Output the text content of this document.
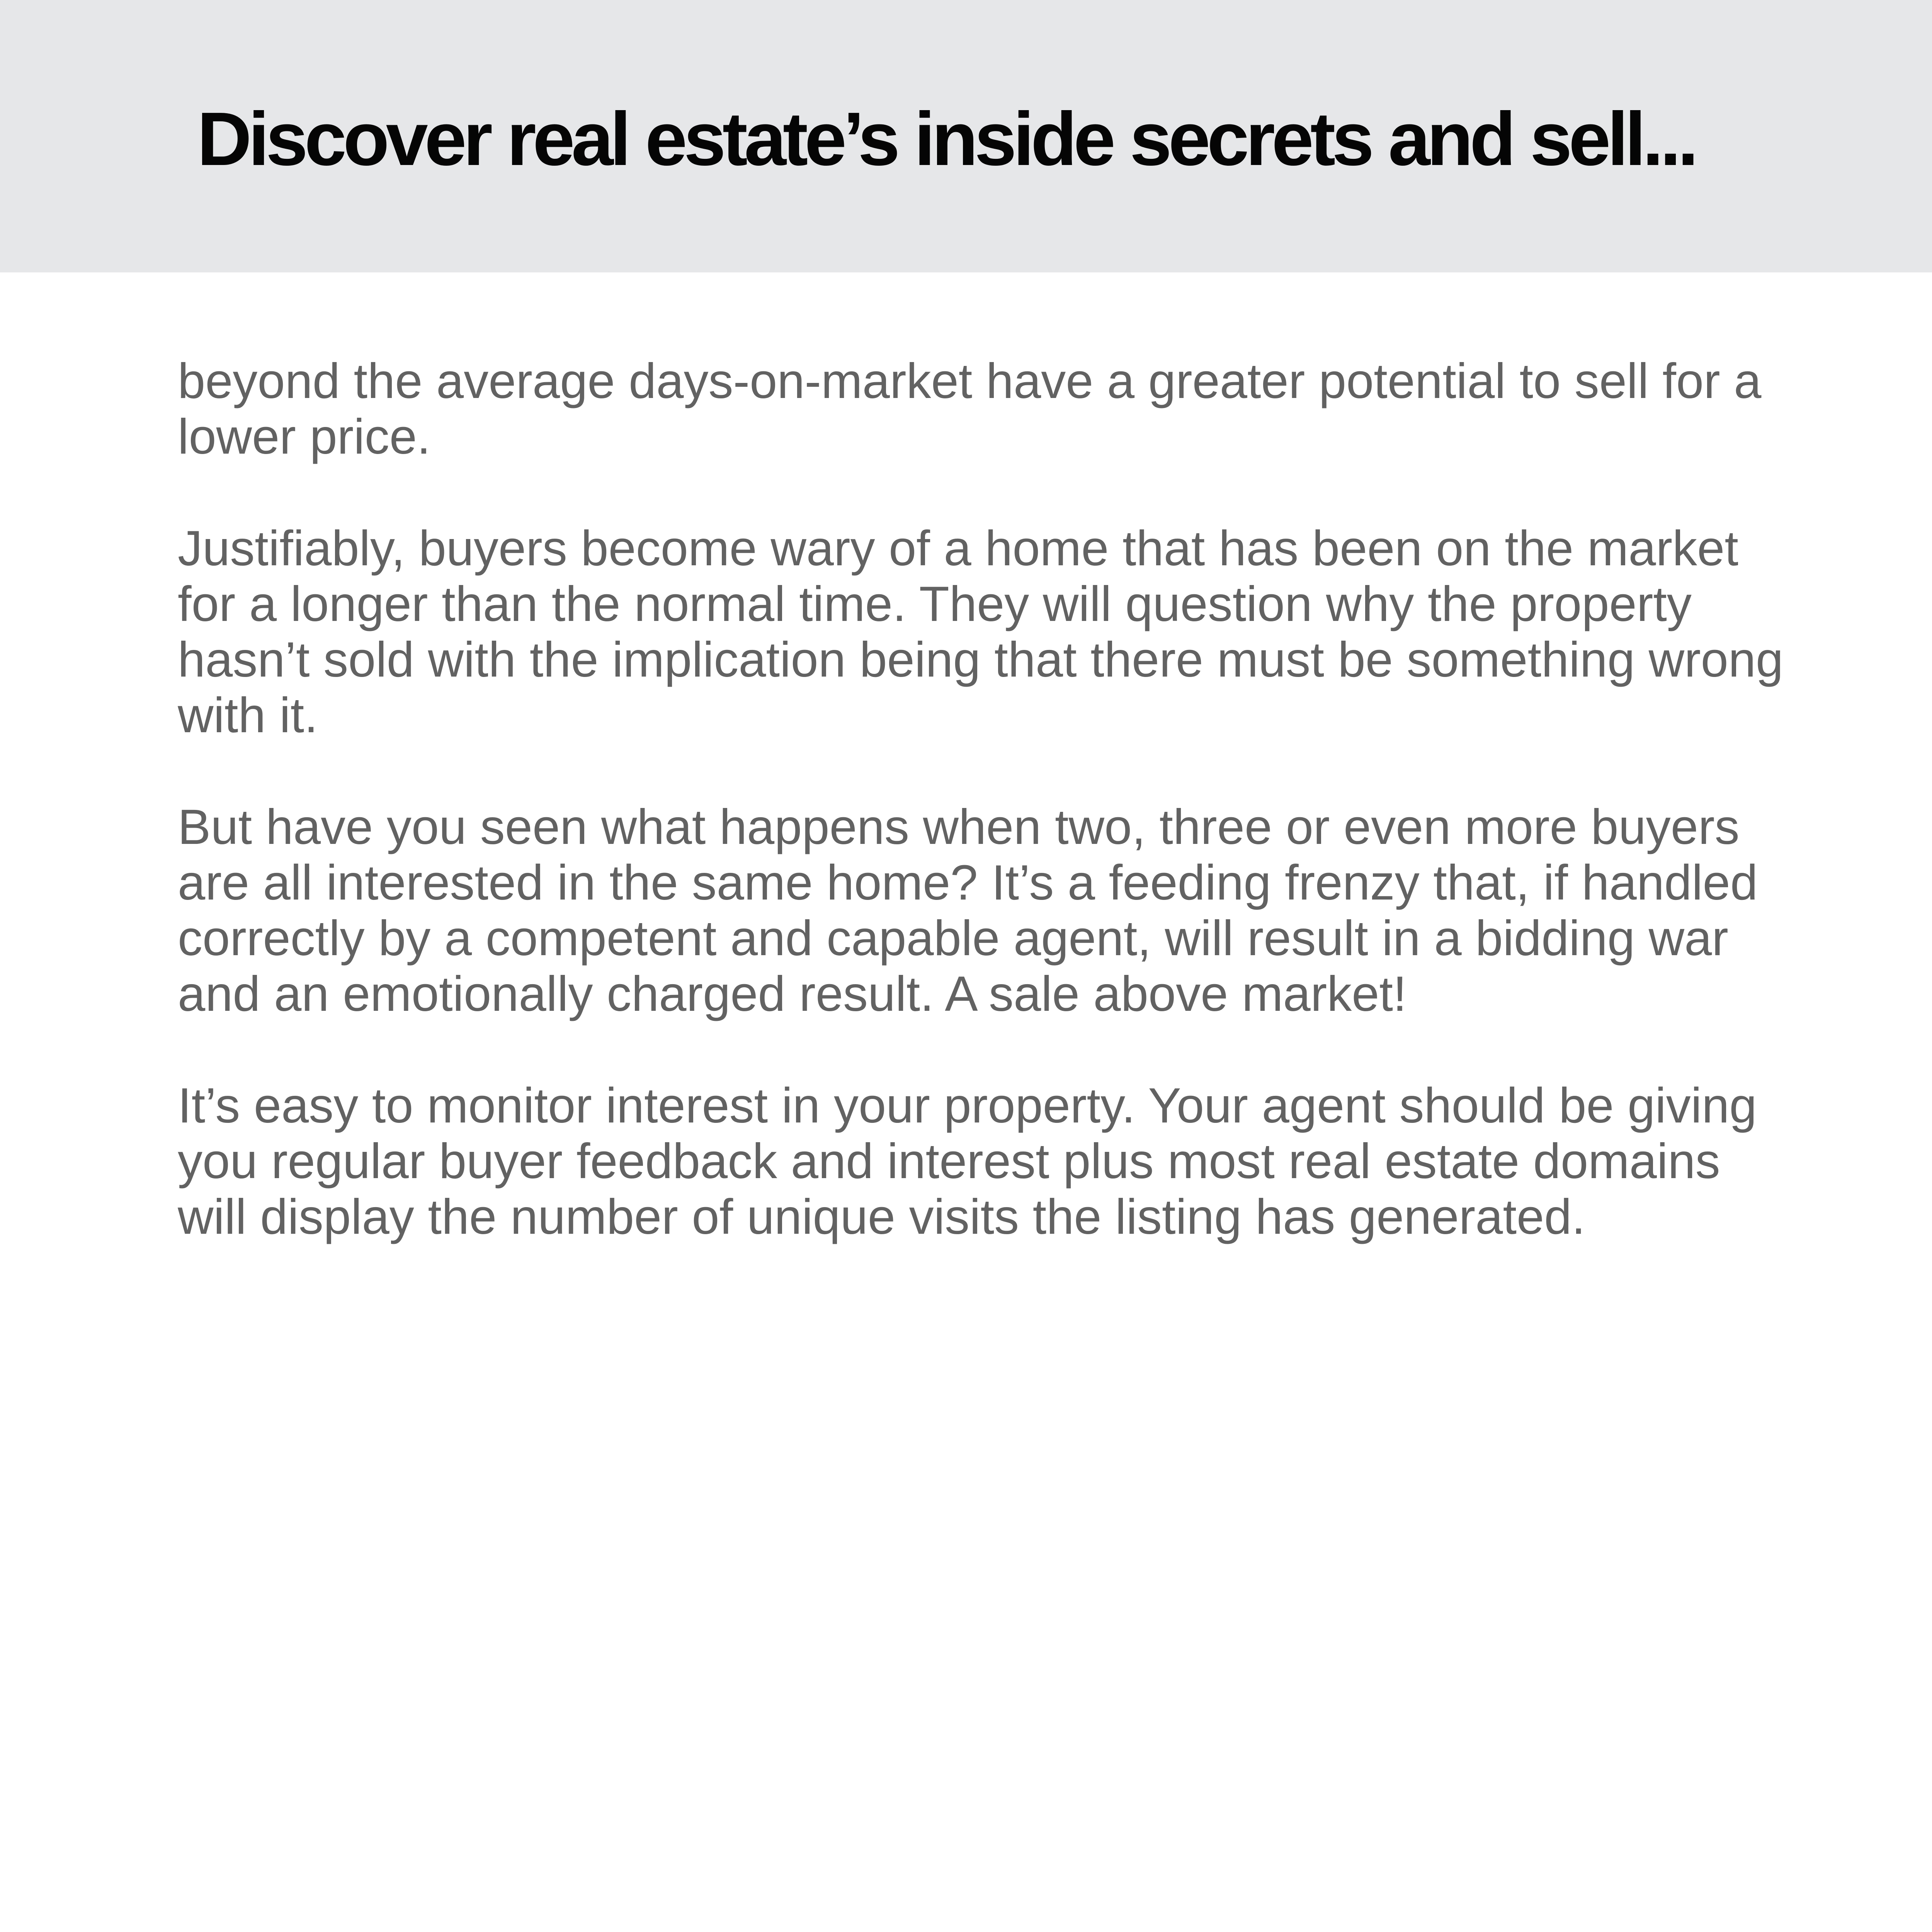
Discover real estate’s inside secrets and sell...

beyond the average days-on-market have a greater potential to sell for a lower price.

Justifiably, buyers become wary of a home that has been on the market for a longer than the normal time. They will question why the property hasn’t sold with the implication being that there must be something wrong with it.

But have you seen what happens when two, three or even more buyers are all interested in the same home? It’s a feeding frenzy that, if handled correctly by a competent and capable agent, will result in a bidding war and an emotionally charged result. A sale above market!

It’s easy to monitor interest in your property. Your agent should be giving you regular buyer feedback and interest plus most real estate domains will display the number of unique visits the listing has generated.
